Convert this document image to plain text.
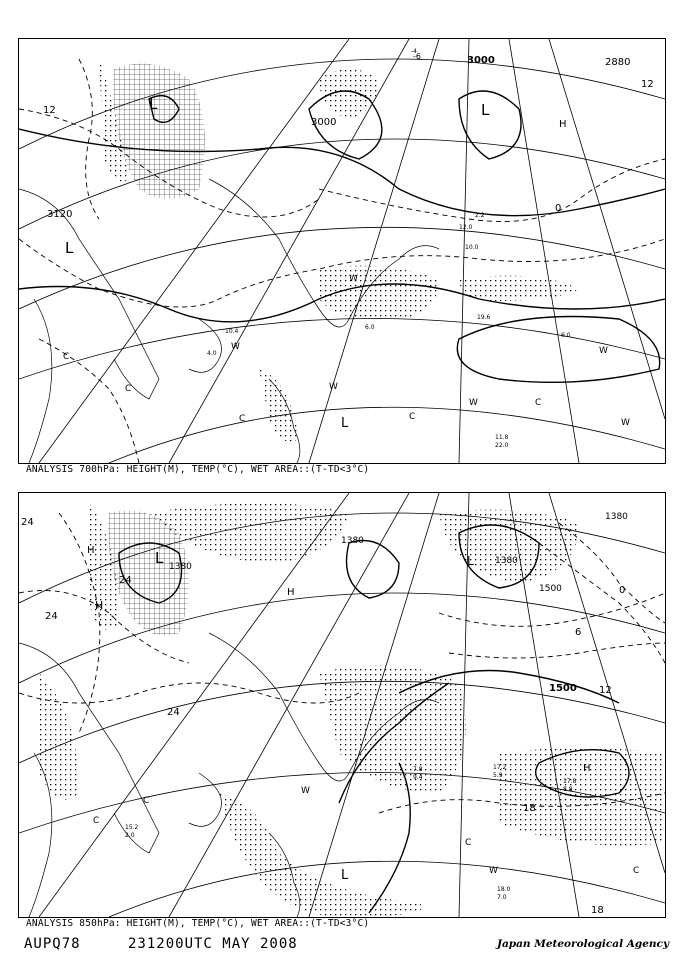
3000
3000
2880
3120
12
12
0
-6
L
L
L
L
H
W
W
W
W
W
W
C
C	C
C
C
10.4
6.0
11.8
22.0
2.2
10.0
4.0
6.0
-4
12.0
19.6
ANALYSIS 700hPa: HEIGHT(M), TEMP(°C), WET AREA::(T-TD<3°C)
1500
1380
1380
1380
1380
1500
24
24
24
24
18
18
12
6
0
L	L
L
H
H
H
H
C
C
C
C
W
W
17.2
5.9
17.8
8.8
18.0
7.0
15.2
2.0
7.8
9.4
ANALYSIS 850hPa: HEIGHT(M), TEMP(°C), WET AREA::(T-TD<3°C)
AUPQ78	231200UTC MAY 2008	Japan Meteorological Agency
